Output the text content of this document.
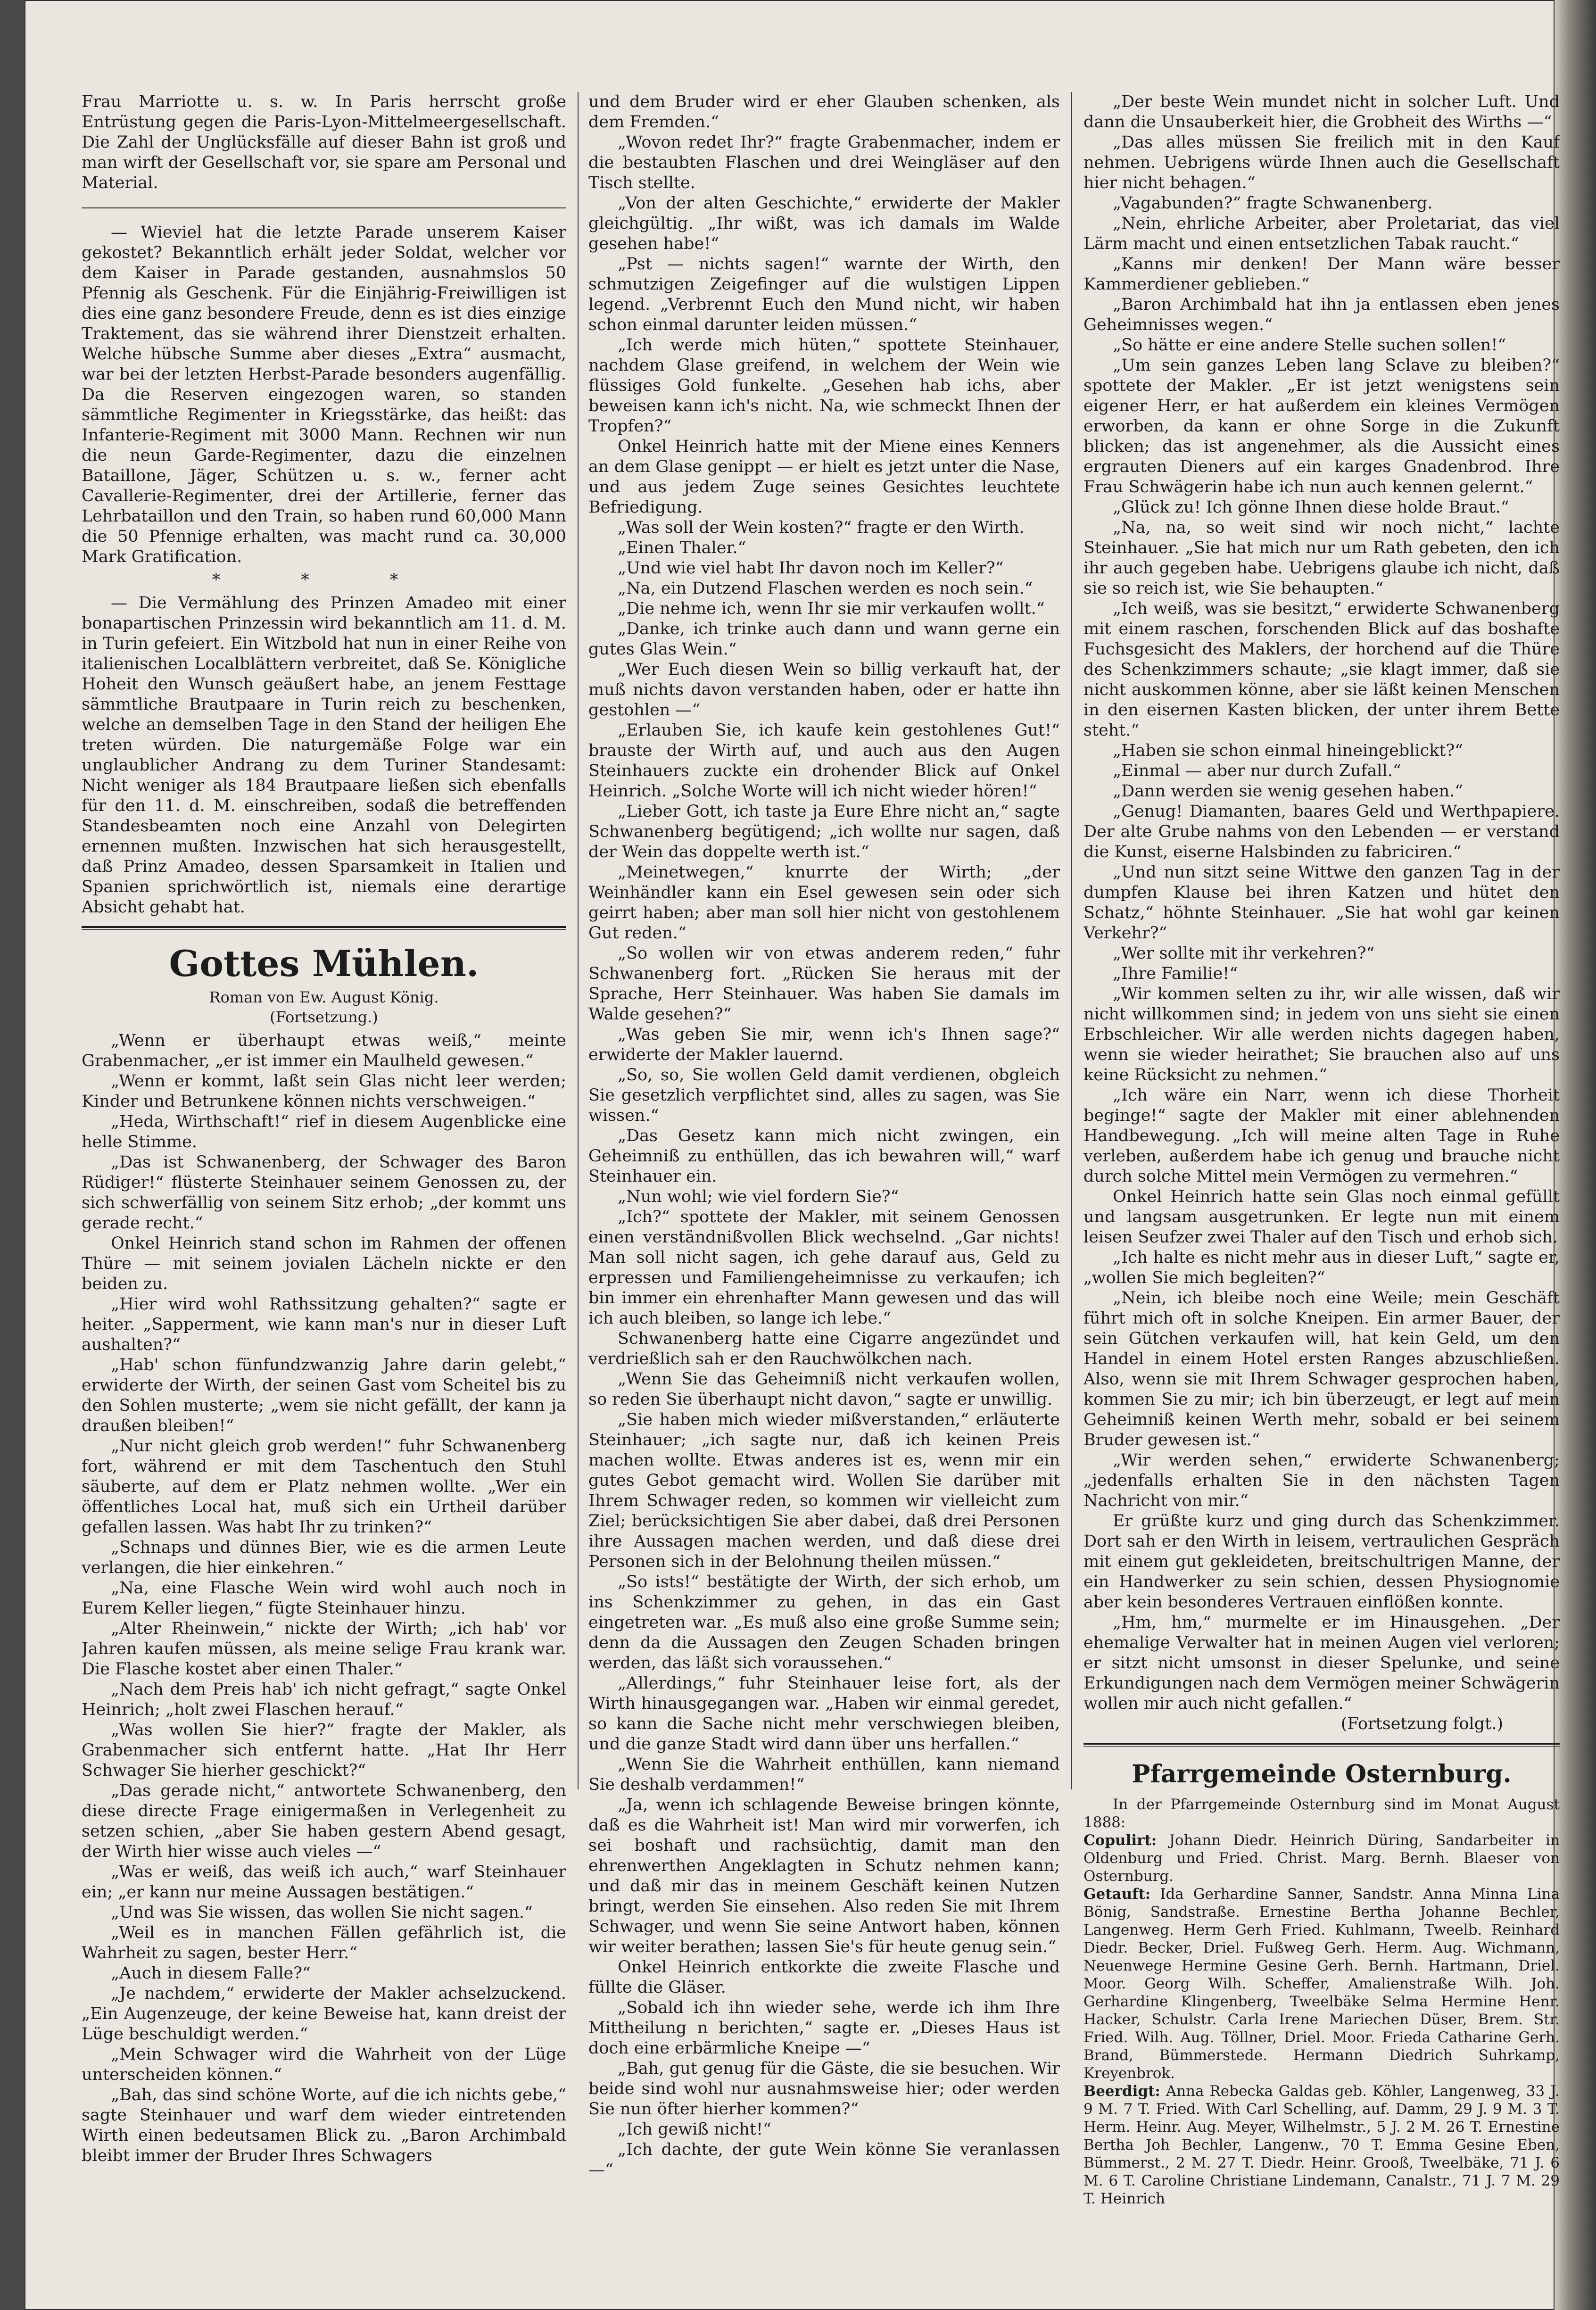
Frau Marriotte u. s. w. In Paris herrscht große Entrüstung gegen die Paris-Lyon-Mittelmeergesellschaft. Die Zahl der Unglücksfälle auf dieser Bahn ist groß und man wirft der Gesellschaft vor, sie spare am Personal und Material.

— Wieviel hat die letzte Parade unserem Kaiser gekostet? Bekanntlich erhält jeder Soldat, welcher vor dem Kaiser in Parade gestanden, ausnahmslos 50 Pfennig als Geschenk. Für die Einjährig-Freiwilligen ist dies eine ganz besondere Freude, denn es ist dies einzige Traktement, das sie während ihrer Dienstzeit erhalten. Welche hübsche Summe aber dieses „Extra“ ausmacht, war bei der letzten Herbst-Parade besonders augenfällig. Da die Reserven eingezogen waren, so standen sämmtliche Regimenter in Kriegsstärke, das heißt: das Infanterie-Regiment mit 3000 Mann. Rechnen wir nun die neun Garde-Regimenter, dazu die einzelnen Bataillone, Jäger, Schützen u. s. w., ferner acht Cavallerie-Regimenter, drei der Artillerie, ferner das Lehrbataillon und den Train, so haben rund 60,000 Mann die 50 Pfennige erhalten, was macht rund ca. 30,000 Mark Gratification.

* * *

— Die Vermählung des Prinzen Amadeo mit einer bonapartischen Prinzessin wird bekanntlich am 11. d. M. in Turin gefeiert. Ein Witzbold hat nun in einer Reihe von italienischen Localblättern verbreitet, daß Se. Königliche Hoheit den Wunsch geäußert habe, an jenem Festtage sämmtliche Brautpaare in Turin reich zu beschenken, welche an demselben Tage in den Stand der heiligen Ehe treten würden. Die naturgemäße Folge war ein unglaublicher Andrang zu dem Turiner Standesamt: Nicht weniger als 184 Brautpaare ließen sich ebenfalls für den 11. d. M. einschreiben, sodaß die betreffenden Standesbeamten noch eine Anzahl von Delegirten ernennen mußten. Inzwischen hat sich herausgestellt, daß Prinz Amadeo, dessen Sparsamkeit in Italien und Spanien sprichwörtlich ist, niemals eine derartige Absicht gehabt hat.

Gottes Mühlen.
Roman von Ew. August König.
(Fortsetzung.)

„Wenn er überhaupt etwas weiß,“ meinte Grabenmacher, „er ist immer ein Maulheld gewesen.“

„Wenn er kommt, laßt sein Glas nicht leer werden; Kinder und Betrunkene können nichts verschweigen.“

„Heda, Wirthschaft!“ rief in diesem Augenblicke eine helle Stimme.

„Das ist Schwanenberg, der Schwager des Baron Rüdiger!“ flüsterte Steinhauer seinem Genossen zu, der sich schwerfällig von seinem Sitz erhob; „der kommt uns gerade recht.“

Onkel Heinrich stand schon im Rahmen der offenen Thüre — mit seinem jovialen Lächeln nickte er den beiden zu.

„Hier wird wohl Rathssitzung gehalten?“ sagte er heiter. „Sapperment, wie kann man's nur in dieser Luft aushalten?“

„Hab' schon fünfundzwanzig Jahre darin gelebt,“ erwiderte der Wirth, der seinen Gast vom Scheitel bis zu den Sohlen musterte; „wem sie nicht gefällt, der kann ja draußen bleiben!“

„Nur nicht gleich grob werden!“ fuhr Schwanenberg fort, während er mit dem Taschentuch den Stuhl säuberte, auf dem er Platz nehmen wollte. „Wer ein öffentliches Local hat, muß sich ein Urtheil darüber gefallen lassen. Was habt Ihr zu trinken?“

„Schnaps und dünnes Bier, wie es die armen Leute verlangen, die hier einkehren.“

„Na, eine Flasche Wein wird wohl auch noch in Eurem Keller liegen,“ fügte Steinhauer hinzu.

„Alter Rheinwein,“ nickte der Wirth; „ich hab' vor Jahren kaufen müssen, als meine selige Frau krank war. Die Flasche kostet aber einen Thaler.“

„Nach dem Preis hab' ich nicht gefragt,“ sagte Onkel Heinrich; „holt zwei Flaschen herauf.“

„Was wollen Sie hier?“ fragte der Makler, als Grabenmacher sich entfernt hatte. „Hat Ihr Herr Schwager Sie hierher geschickt?“

„Das gerade nicht,“ antwortete Schwanenberg, den diese directe Frage einigermaßen in Verlegenheit zu setzen schien, „aber Sie haben gestern Abend gesagt, der Wirth hier wisse auch vieles —“

„Was er weiß, das weiß ich auch,“ warf Steinhauer ein; „er kann nur meine Aussagen bestätigen.“

„Und was Sie wissen, das wollen Sie nicht sagen.“

„Weil es in manchen Fällen gefährlich ist, die Wahrheit zu sagen, bester Herr.“

„Auch in diesem Falle?“

„Je nachdem,“ erwiderte der Makler achselzuckend. „Ein Augenzeuge, der keine Beweise hat, kann dreist der Lüge beschuldigt werden.“

„Mein Schwager wird die Wahrheit von der Lüge unterscheiden können.“

„Bah, das sind schöne Worte, auf die ich nichts gebe,“ sagte Steinhauer und warf dem wieder eintretenden Wirth einen bedeutsamen Blick zu. „Baron Archimbald bleibt immer der Bruder Ihres Schwagers

und dem Bruder wird er eher Glauben schenken, als dem Fremden.“

„Wovon redet Ihr?“ fragte Grabenmacher, indem er die bestaubten Flaschen und drei Weingläser auf den Tisch stellte.

„Von der alten Geschichte,“ erwiderte der Makler gleichgültig. „Ihr wißt, was ich damals im Walde gesehen habe!“

„Pst — nichts sagen!“ warnte der Wirth, den schmutzigen Zeigefinger auf die wulstigen Lippen legend. „Verbrennt Euch den Mund nicht, wir haben schon einmal darunter leiden müssen.“

„Ich werde mich hüten,“ spottete Steinhauer, nachdem Glase greifend, in welchem der Wein wie flüssiges Gold funkelte. „Gesehen hab ichs, aber beweisen kann ich's nicht. Na, wie schmeckt Ihnen der Tropfen?“

Onkel Heinrich hatte mit der Miene eines Kenners an dem Glase genippt — er hielt es jetzt unter die Nase, und aus jedem Zuge seines Gesichtes leuchtete Befriedigung.

„Was soll der Wein kosten?“ fragte er den Wirth.

„Einen Thaler.“

„Und wie viel habt Ihr davon noch im Keller?“

„Na, ein Dutzend Flaschen werden es noch sein.“

„Die nehme ich, wenn Ihr sie mir verkaufen wollt.“

„Danke, ich trinke auch dann und wann gerne ein gutes Glas Wein.“

„Wer Euch diesen Wein so billig verkauft hat, der muß nichts davon verstanden haben, oder er hatte ihn gestohlen —“

„Erlauben Sie, ich kaufe kein gestohlenes Gut!“ brauste der Wirth auf, und auch aus den Augen Steinhauers zuckte ein drohender Blick auf Onkel Heinrich. „Solche Worte will ich nicht wieder hören!“

„Lieber Gott, ich taste ja Eure Ehre nicht an,“ sagte Schwanenberg begütigend; „ich wollte nur sagen, daß der Wein das doppelte werth ist.“

„Meinetwegen,“ knurrte der Wirth; „der Weinhändler kann ein Esel gewesen sein oder sich geirrt haben; aber man soll hier nicht von gestohlenem Gut reden.“

„So wollen wir von etwas anderem reden,“ fuhr Schwanenberg fort. „Rücken Sie heraus mit der Sprache, Herr Steinhauer. Was haben Sie damals im Walde gesehen?“

„Was geben Sie mir, wenn ich's Ihnen sage?“ erwiderte der Makler lauernd.

„So, so, Sie wollen Geld damit verdienen, obgleich Sie gesetzlich verpflichtet sind, alles zu sagen, was Sie wissen.“

„Das Gesetz kann mich nicht zwingen, ein Geheimniß zu enthüllen, das ich bewahren will,“ warf Steinhauer ein.

„Nun wohl; wie viel fordern Sie?“

„Ich?“ spottete der Makler, mit seinem Genossen einen verständnißvollen Blick wechselnd. „Gar nichts! Man soll nicht sagen, ich gehe darauf aus, Geld zu erpressen und Familiengeheimnisse zu verkaufen; ich bin immer ein ehrenhafter Mann gewesen und das will ich auch bleiben, so lange ich lebe.“

Schwanenberg hatte eine Cigarre angezündet und verdrießlich sah er den Rauchwölkchen nach.

„Wenn Sie das Geheimniß nicht verkaufen wollen, so reden Sie überhaupt nicht davon,“ sagte er unwillig.

„Sie haben mich wieder mißverstanden,“ erläuterte Steinhauer; „ich sagte nur, daß ich keinen Preis machen wollte. Etwas anderes ist es, wenn mir ein gutes Gebot gemacht wird. Wollen Sie darüber mit Ihrem Schwager reden, so kommen wir vielleicht zum Ziel; berücksichtigen Sie aber dabei, daß drei Personen ihre Aussagen machen werden, und daß diese drei Personen sich in der Belohnung theilen müssen.“

„So ists!“ bestätigte der Wirth, der sich erhob, um ins Schenkzimmer zu gehen, in das ein Gast eingetreten war. „Es muß also eine große Summe sein; denn da die Aussagen den Zeugen Schaden bringen werden, das läßt sich voraussehen.“

„Allerdings,“ fuhr Steinhauer leise fort, als der Wirth hinausgegangen war. „Haben wir einmal geredet, so kann die Sache nicht mehr verschwiegen bleiben, und die ganze Stadt wird dann über uns herfallen.“

„Wenn Sie die Wahrheit enthüllen, kann niemand Sie deshalb verdammen!“

„Ja, wenn ich schlagende Beweise bringen könnte, daß es die Wahrheit ist! Man wird mir vorwerfen, ich sei boshaft und rachsüchtig, damit man den ehrenwerthen Angeklagten in Schutz nehmen kann; und daß mir das in meinem Geschäft keinen Nutzen bringt, werden Sie einsehen. Also reden Sie mit Ihrem Schwager, und wenn Sie seine Antwort haben, können wir weiter berathen; lassen Sie's für heute genug sein.“

Onkel Heinrich entkorkte die zweite Flasche und füllte die Gläser.

„Sobald ich ihn wieder sehe, werde ich ihm Ihre Mittheilung n berichten,“ sagte er. „Dieses Haus ist doch eine erbärmliche Kneipe —“

„Bah, gut genug für die Gäste, die sie besuchen. Wir beide sind wohl nur ausnahmsweise hier; oder werden Sie nun öfter hierher kommen?“

„Ich gewiß nicht!“

„Ich dachte, der gute Wein könne Sie veranlassen —“

„Der beste Wein mundet nicht in solcher Luft. Und dann die Unsauberkeit hier, die Grobheit des Wirths —“

„Das alles müssen Sie freilich mit in den Kauf nehmen. Uebrigens würde Ihnen auch die Gesellschaft hier nicht behagen.“

„Vagabunden?“ fragte Schwanenberg.

„Nein, ehrliche Arbeiter, aber Proletariat, das viel Lärm macht und einen entsetzlichen Tabak raucht.“

„Kanns mir denken! Der Mann wäre besser Kammerdiener geblieben.“

„Baron Archimbald hat ihn ja entlassen eben jenes Geheimnisses wegen.“

„So hätte er eine andere Stelle suchen sollen!“

„Um sein ganzes Leben lang Sclave zu bleiben?“ spottete der Makler. „Er ist jetzt wenigstens sein eigener Herr, er hat außerdem ein kleines Vermögen erworben, da kann er ohne Sorge in die Zukunft blicken; das ist angenehmer, als die Aussicht eines ergrauten Dieners auf ein karges Gnadenbrod. Ihre Frau Schwägerin habe ich nun auch kennen gelernt.“

„Glück zu! Ich gönne Ihnen diese holde Braut.“

„Na, na, so weit sind wir noch nicht,“ lachte Steinhauer. „Sie hat mich nur um Rath gebeten, den ich ihr auch gegeben habe. Uebrigens glaube ich nicht, daß sie so reich ist, wie Sie behaupten.“

„Ich weiß, was sie besitzt,“ erwiderte Schwanenberg mit einem raschen, forschenden Blick auf das boshafte Fuchsgesicht des Maklers, der horchend auf die Thüre des Schenkzimmers schaute; „sie klagt immer, daß sie nicht auskommen könne, aber sie läßt keinen Menschen in den eisernen Kasten blicken, der unter ihrem Bette steht.“

„Haben sie schon einmal hineingeblickt?“

„Einmal — aber nur durch Zufall.“

„Dann werden sie wenig gesehen haben.“

„Genug! Diamanten, baares Geld und Werthpapiere. Der alte Grube nahms von den Lebenden — er verstand die Kunst, eiserne Halsbinden zu fabriciren.“

„Und nun sitzt seine Wittwe den ganzen Tag in der dumpfen Klause bei ihren Katzen und hütet den Schatz,“ höhnte Steinhauer. „Sie hat wohl gar keinen Verkehr?“

„Wer sollte mit ihr verkehren?“

„Ihre Familie!“

„Wir kommen selten zu ihr, wir alle wissen, daß wir nicht willkommen sind; in jedem von uns sieht sie einen Erbschleicher. Wir alle werden nichts dagegen haben, wenn sie wieder heirathet; Sie brauchen also auf uns keine Rücksicht zu nehmen.“

„Ich wäre ein Narr, wenn ich diese Thorheit beginge!“ sagte der Makler mit einer ablehnenden Handbewegung. „Ich will meine alten Tage in Ruhe verleben, außerdem habe ich genug und brauche nicht durch solche Mittel mein Vermögen zu vermehren.“

Onkel Heinrich hatte sein Glas noch einmal gefüllt und langsam ausgetrunken. Er legte nun mit einem leisen Seufzer zwei Thaler auf den Tisch und erhob sich.

„Ich halte es nicht mehr aus in dieser Luft,“ sagte er, „wollen Sie mich begleiten?“

„Nein, ich bleibe noch eine Weile; mein Geschäft führt mich oft in solche Kneipen. Ein armer Bauer, der sein Gütchen verkaufen will, hat kein Geld, um den Handel in einem Hotel ersten Ranges abzuschließen. Also, wenn sie mit Ihrem Schwager gesprochen haben, kommen Sie zu mir; ich bin überzeugt, er legt auf mein Geheimniß keinen Werth mehr, sobald er bei seinem Bruder gewesen ist.“

„Wir werden sehen,“ erwiderte Schwanenberg; „jedenfalls erhalten Sie in den nächsten Tagen Nachricht von mir.“

Er grüßte kurz und ging durch das Schenkzimmer. Dort sah er den Wirth in leisem, vertraulichen Gespräch mit einem gut gekleideten, breitschultrigen Manne, der ein Handwerker zu sein schien, dessen Physiognomie aber kein besonderes Vertrauen einflößen konnte.

„Hm, hm,“ murmelte er im Hinausgehen. „Der ehemalige Verwalter hat in meinen Augen viel verloren; er sitzt nicht umsonst in dieser Spelunke, und seine Erkundigungen nach dem Vermögen meiner Schwägerin wollen mir auch nicht gefallen.“

(Fortsetzung folgt.)
Pfarrgemeinde Osternburg.

In der Pfarrgemeinde Osternburg sind im Monat August 1888:

Copulirt: Johann Diedr. Heinrich Düring, Sandarbeiter in Oldenburg und Fried. Christ. Marg. Bernh. Blaeser von Osternburg.

Getauft: Ida Gerhardine Sanner, Sandstr. Anna Minna Lina Bönig, Sandstraße. Ernestine Bertha Johanne Bechler, Langenweg. Herm Gerh Fried. Kuhlmann, Tweelb. Reinhard Diedr. Becker, Driel. Fußweg Gerh. Herm. Aug. Wichmann, Neuenwege Hermine Gesine Gerh. Bernh. Hartmann, Driel. Moor. Georg Wilh. Scheffer, Amalienstraße Wilh. Joh. Gerhardine Klingenberg, Tweelbäke Selma Hermine Henr. Hacker, Schulstr. Carla Irene Mariechen Düser, Brem. Str. Fried. Wilh. Aug. Töllner, Driel. Moor. Frieda Catharine Gerh. Brand, Bümmerstede. Hermann Diedrich Suhrkamp, Kreyenbrok.

Beerdigt: Anna Rebecka Galdas geb. Köhler, Langenweg, 33 J. 9 M. 7 T. Fried. With Carl Schelling, auf. Damm, 29 J. 9 M. 3 T. Herm. Heinr. Aug. Meyer, Wilhelmstr., 5 J. 2 M. 26 T. Ernestine Bertha Joh Bechler, Langenw., 70 T. Emma Gesine Eben, Bümmerst., 2 M. 27 T. Diedr. Heinr. Grooß, Tweelbäke, 71 J. 6 M. 6 T. Caroline Christiane Lindemann, Canalstr., 71 J. 7 M. 29 T. Heinrich
